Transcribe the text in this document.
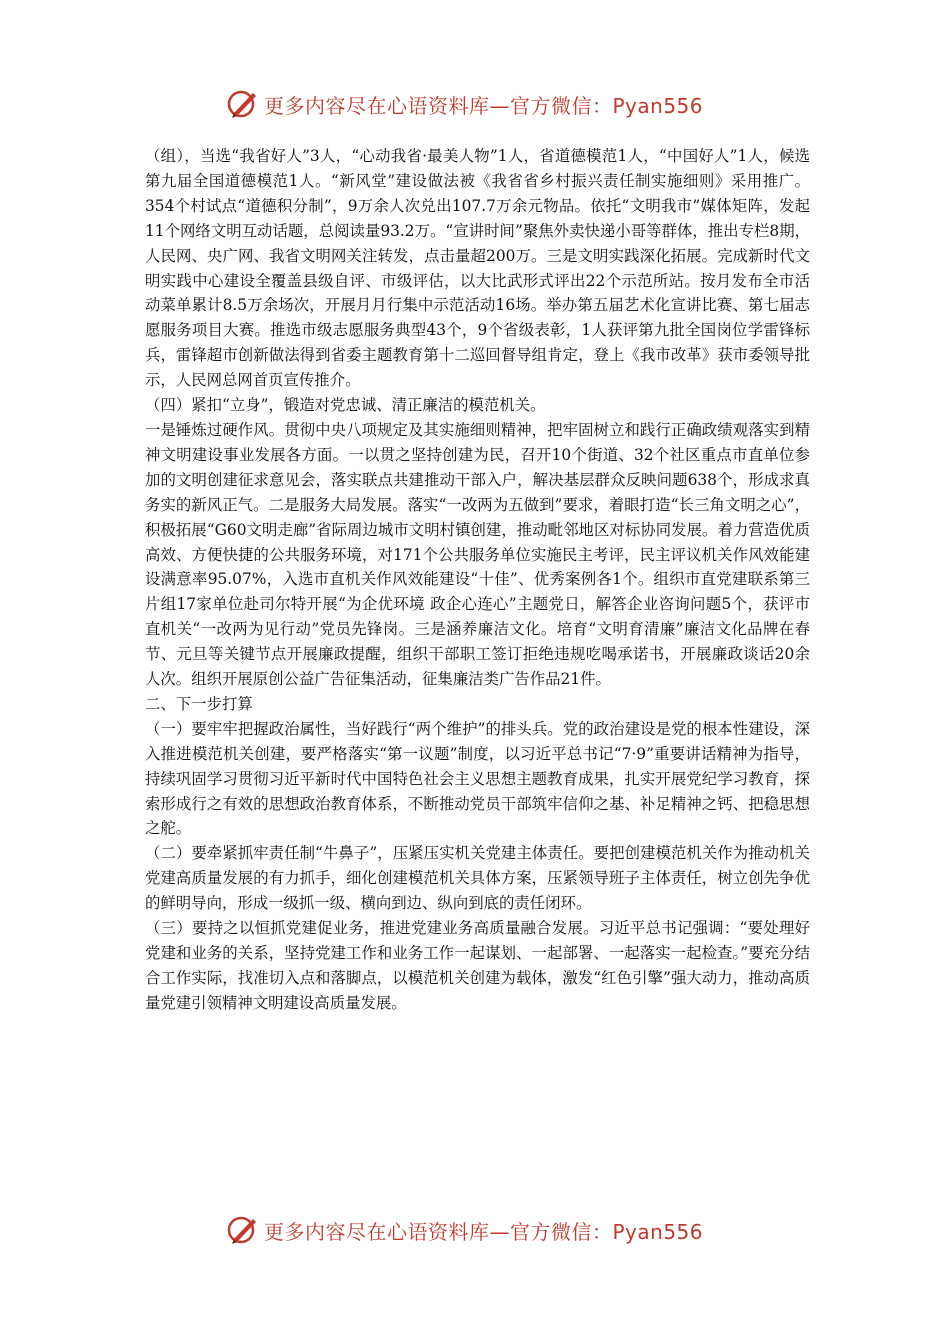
更多内容尽在心语资料库—官方微信：Pyan556

（组），当选“我省好人”3人，“心动我省·最美人物”1人，省道德模范1人，“中国好人”1人，候选第九届全国道德模范1人。“新风堂”建设做法被《我省省乡村振兴责任制实施细则》采用推广。354个村试点“道德积分制”，9万余人次兑出107.7万余元物品。依托“文明我市”媒体矩阵，发起11个网络文明互动话题，总阅读量93.2万。“宣讲时间”聚焦外卖快递小哥等群体，推出专栏8期，人民网、央广网、我省文明网关注转发，点击量超200万。三是文明实践深化拓展。完成新时代文明实践中心建设全覆盖县级自评、市级评估，以大比武形式评出22个示范所站。按月发布全市活动菜单累计8.5万余场次，开展月月行集中示范活动16场。举办第五届艺术化宣讲比赛、第七届志愿服务项目大赛。推选市级志愿服务典型43个，9个省级表彰，1人获评第九批全国岗位学雷锋标兵，雷锋超市创新做法得到省委主题教育第十二巡回督导组肯定，登上《我市改革》获市委领导批示，人民网总网首页宣传推介。

（四）紧扣“立身”，锻造对党忠诚、清正廉洁的模范机关。

一是锤炼过硬作风。贯彻中央八项规定及其实施细则精神，把牢固树立和践行正确政绩观落实到精神文明建设事业发展各方面。一以贯之坚持创建为民，召开10个街道、32个社区重点市直单位参加的文明创建征求意见会，落实联点共建推动干部入户，解决基层群众反映问题638个，形成求真务实的新风正气。二是服务大局发展。落实“一改两为五做到”要求，着眼打造“长三角文明之心”，积极拓展“G60文明走廊”省际周边城市文明村镇创建，推动毗邻地区对标协同发展。着力营造优质高效、方便快捷的公共服务环境，对171个公共服务单位实施民主考评，民主评议机关作风效能建设满意率95.07%，入选市直机关作风效能建设“十佳”、优秀案例各1个。组织市直党建联系第三片组17家单位赴司尔特开展“为企优环境 政企心连心”主题党日，解答企业咨询问题5个，获评市直机关“一改两为见行动”党员先锋岗。三是涵养廉洁文化。培育“文明育清廉”廉洁文化品牌在春节、元旦等关键节点开展廉政提醒，组织干部职工签订拒绝违规吃喝承诺书，开展廉政谈话20余人次。组织开展原创公益广告征集活动，征集廉洁类广告作品21件。

二、下一步打算

（一）要牢牢把握政治属性，当好践行“两个维护”的排头兵。党的政治建设是党的根本性建设，深入推进模范机关创建，要严格落实“第一议题”制度，以习近平总书记“7·9”重要讲话精神为指导，持续巩固学习贯彻习近平新时代中国特色社会主义思想主题教育成果，扎实开展党纪学习教育，探索形成行之有效的思想政治教育体系，不断推动党员干部筑牢信仰之基、补足精神之钙、把稳思想之舵。

（二）要牵紧抓牢责任制“牛鼻子”，压紧压实机关党建主体责任。要把创建模范机关作为推动机关党建高质量发展的有力抓手，细化创建模范机关具体方案，压紧领导班子主体责任，树立创先争优的鲜明导向，形成一级抓一级、横向到边、纵向到底的责任闭环。

（三）要持之以恒抓党建促业务，推进党建业务高质量融合发展。习近平总书记强调：“要处理好党建和业务的关系，坚持党建工作和业务工作一起谋划、一起部署、一起落实一起检查。”要充分结合工作实际，找准切入点和落脚点，以模范机关创建为载体，激发“红色引擎”强大动力，推动高质量党建引领精神文明建设高质量发展。

更多内容尽在心语资料库—官方微信：Pyan556
